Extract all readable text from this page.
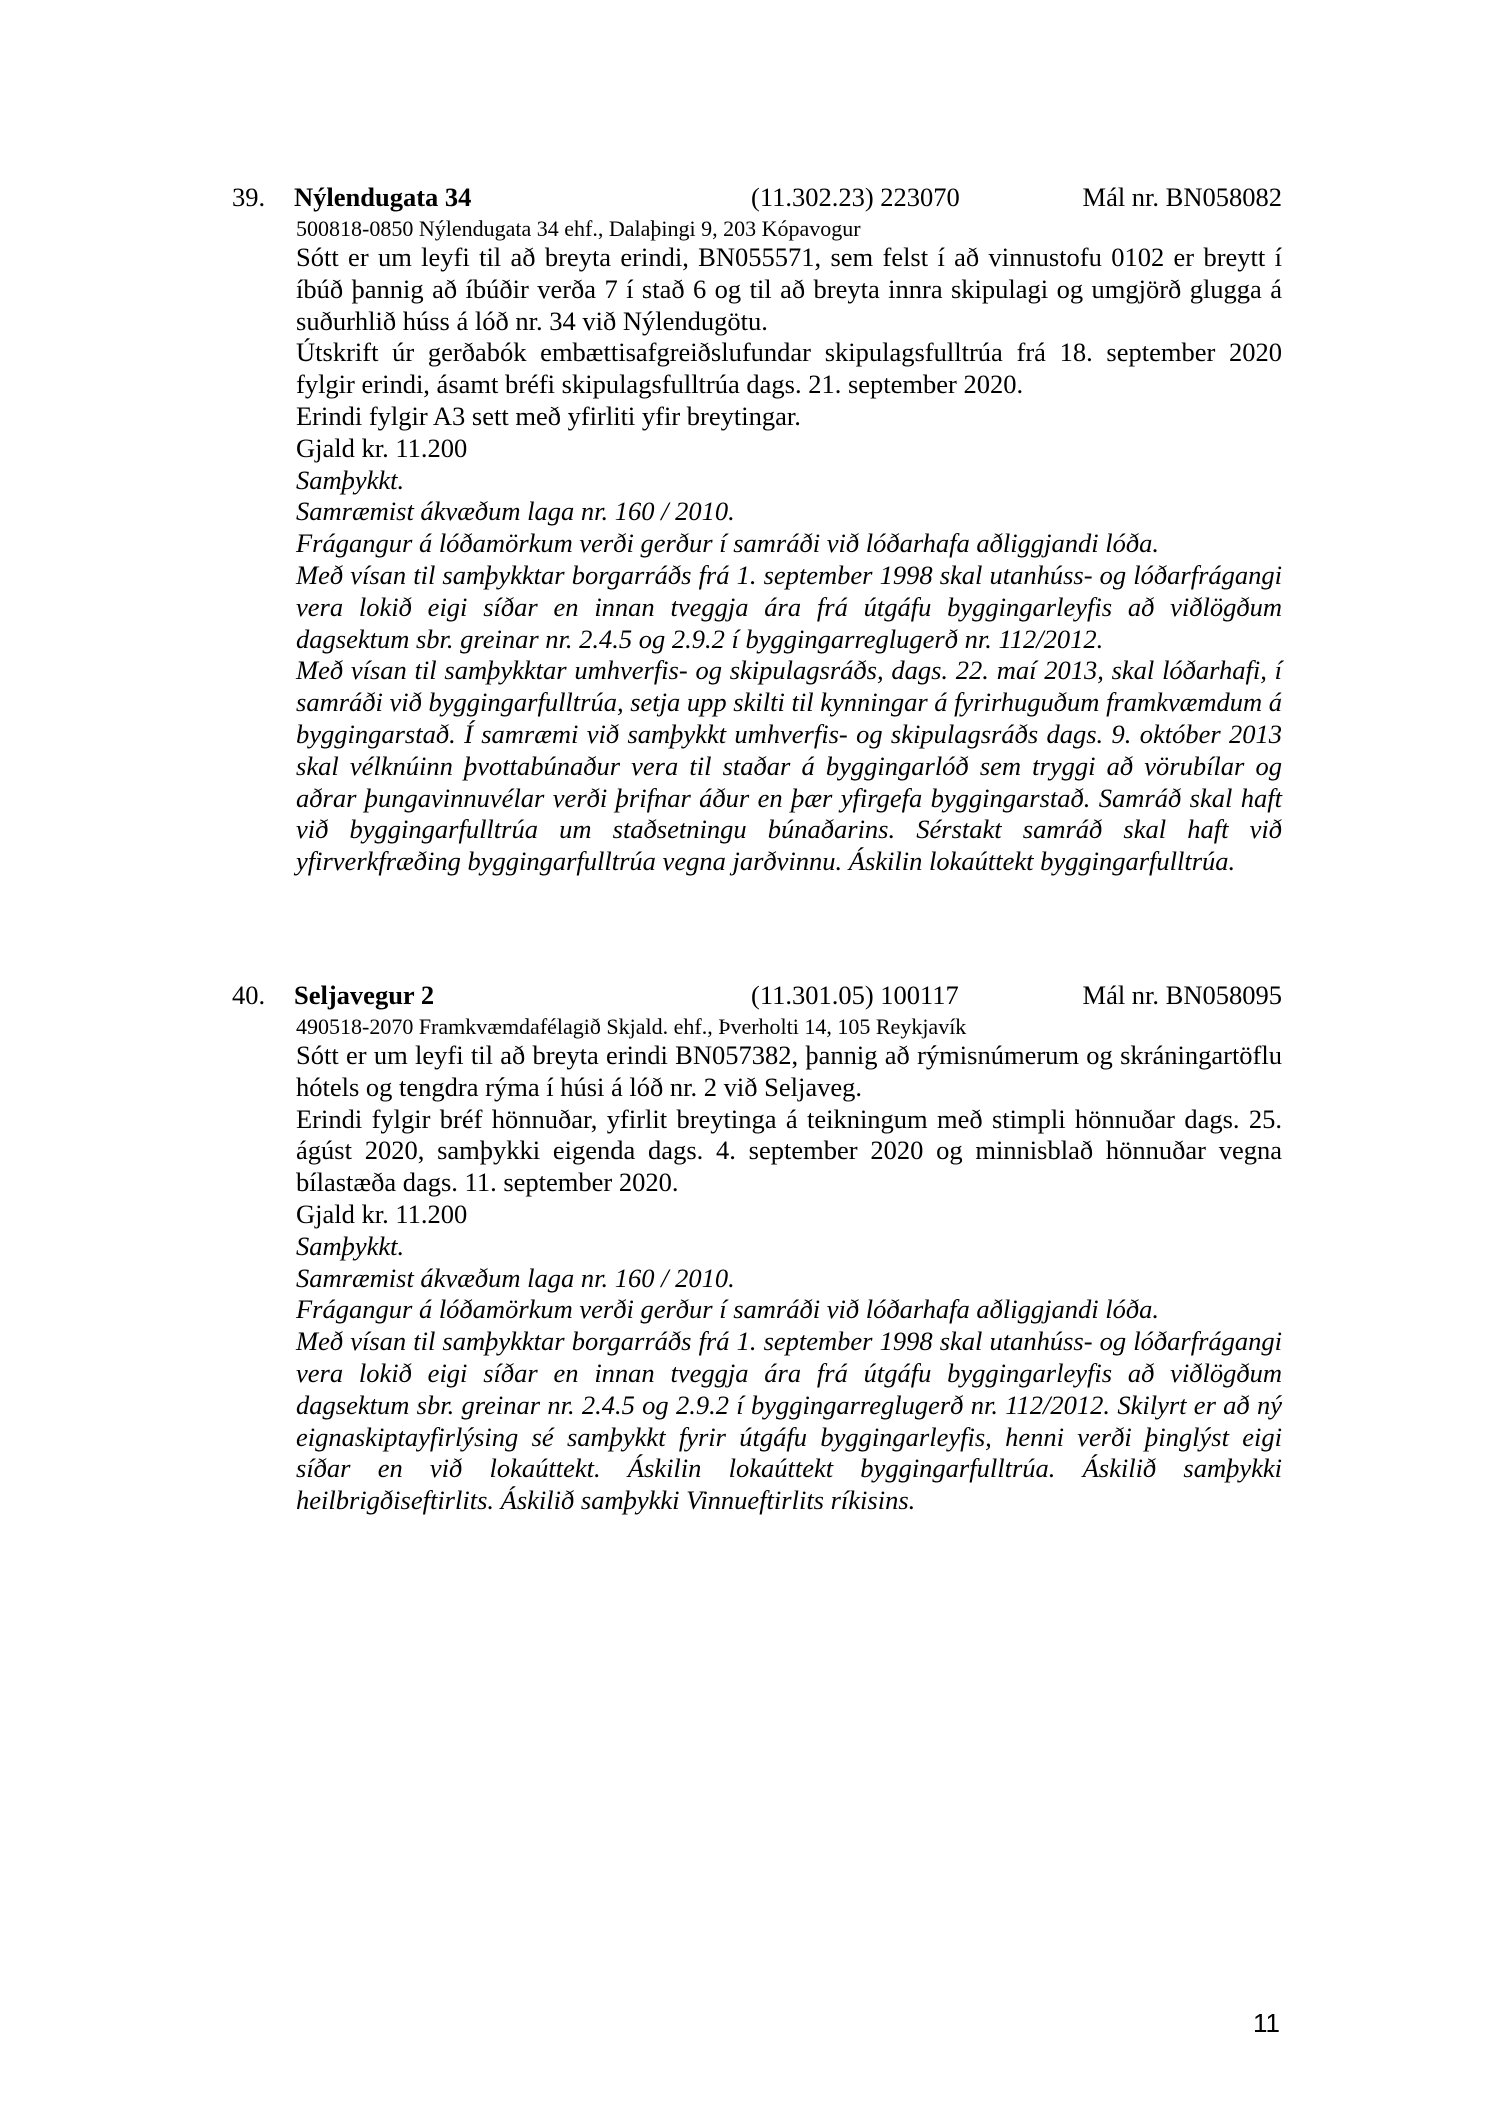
39. Nýlendugata 34	(11.302.23) 223070	Mál nr. BN058082

500818-0850 Nýlendugata 34 ehf., Dalaþingi 9, 203 Kópavogur

Sótt er um leyfi til að breyta erindi, BN055571, sem felst í að vinnustofu 0102 er breytt í íbúð þannig að íbúðir verða 7 í stað 6 og til að breyta innra skipulagi og umgjörð glugga á suðurhlið húss á lóð nr. 34 við Nýlendugötu.

Útskrift úr gerðabók embættisafgreiðslufundar skipulagsfulltrúa frá 18. september 2020 fylgir erindi, ásamt bréfi skipulagsfulltrúa dags. 21. september 2020.

Erindi fylgir A3 sett með yfirliti yfir breytingar.

Gjald kr. 11.200

Samþykkt.

Samræmist ákvæðum laga nr. 160 / 2010.

Frágangur á lóðamörkum verði gerður í samráði við lóðarhafa aðliggjandi lóða.

Með vísan til samþykktar borgarráðs frá 1. september 1998 skal utanhúss- og lóðarfrágangi vera lokið eigi síðar en innan tveggja ára frá útgáfu byggingarleyfis að viðlögðum dagsektum sbr. greinar nr. 2.4.5 og 2.9.2 í byggingarreglugerð nr. 112/2012.

Með vísan til samþykktar umhverfis- og skipulagsráðs, dags. 22. maí 2013, skal lóðarhafi, í samráði við byggingarfulltrúa, setja upp skilti til kynningar á fyrirhuguðum framkvæmdum á byggingarstað. Í samræmi við samþykkt umhverfis- og skipulagsráðs dags. 9. október 2013 skal vélknúinn þvottabúnaður vera til staðar á byggingarlóð sem tryggi að vörubílar og aðrar þungavinnuvélar verði þrifnar áður en þær yfirgefa byggingarstað. Samráð skal haft við byggingarfulltrúa um staðsetningu búnaðarins. Sérstakt samráð skal haft við yfirverkfræðing byggingarfulltrúa vegna jarðvinnu. Áskilin lokaúttekt byggingarfulltrúa.

40. Seljavegur 2	(11.301.05) 100117	Mál nr. BN058095

490518-2070 Framkvæmdafélagið Skjald. ehf., Þverholti 14, 105 Reykjavík

Sótt er um leyfi til að breyta erindi BN057382, þannig að rýmisnúmerum og skráningartöflu hótels og tengdra rýma í húsi á lóð nr. 2 við Seljaveg.

Erindi fylgir bréf hönnuðar, yfirlit breytinga á teikningum með stimpli hönnuðar dags. 25. ágúst 2020, samþykki eigenda dags. 4. september 2020 og minnisblað hönnuðar vegna bílastæða dags. 11. september 2020.

Gjald kr. 11.200

Samþykkt.

Samræmist ákvæðum laga nr. 160 / 2010.

Frágangur á lóðamörkum verði gerður í samráði við lóðarhafa aðliggjandi lóða.

Með vísan til samþykktar borgarráðs frá 1. september 1998 skal utanhúss- og lóðarfrágangi vera lokið eigi síðar en innan tveggja ára frá útgáfu byggingarleyfis að viðlögðum dagsektum sbr. greinar nr. 2.4.5 og 2.9.2 í byggingarreglugerð nr. 112/2012. Skilyrt er að ný eignaskiptayfirlýsing sé samþykkt fyrir útgáfu byggingarleyfis, henni verði þinglýst eigi síðar en við lokaúttekt. Áskilin lokaúttekt byggingarfulltrúa. Áskilið samþykki heilbrigðiseftirlits. Áskilið samþykki Vinnueftirlits ríkisins.

11
